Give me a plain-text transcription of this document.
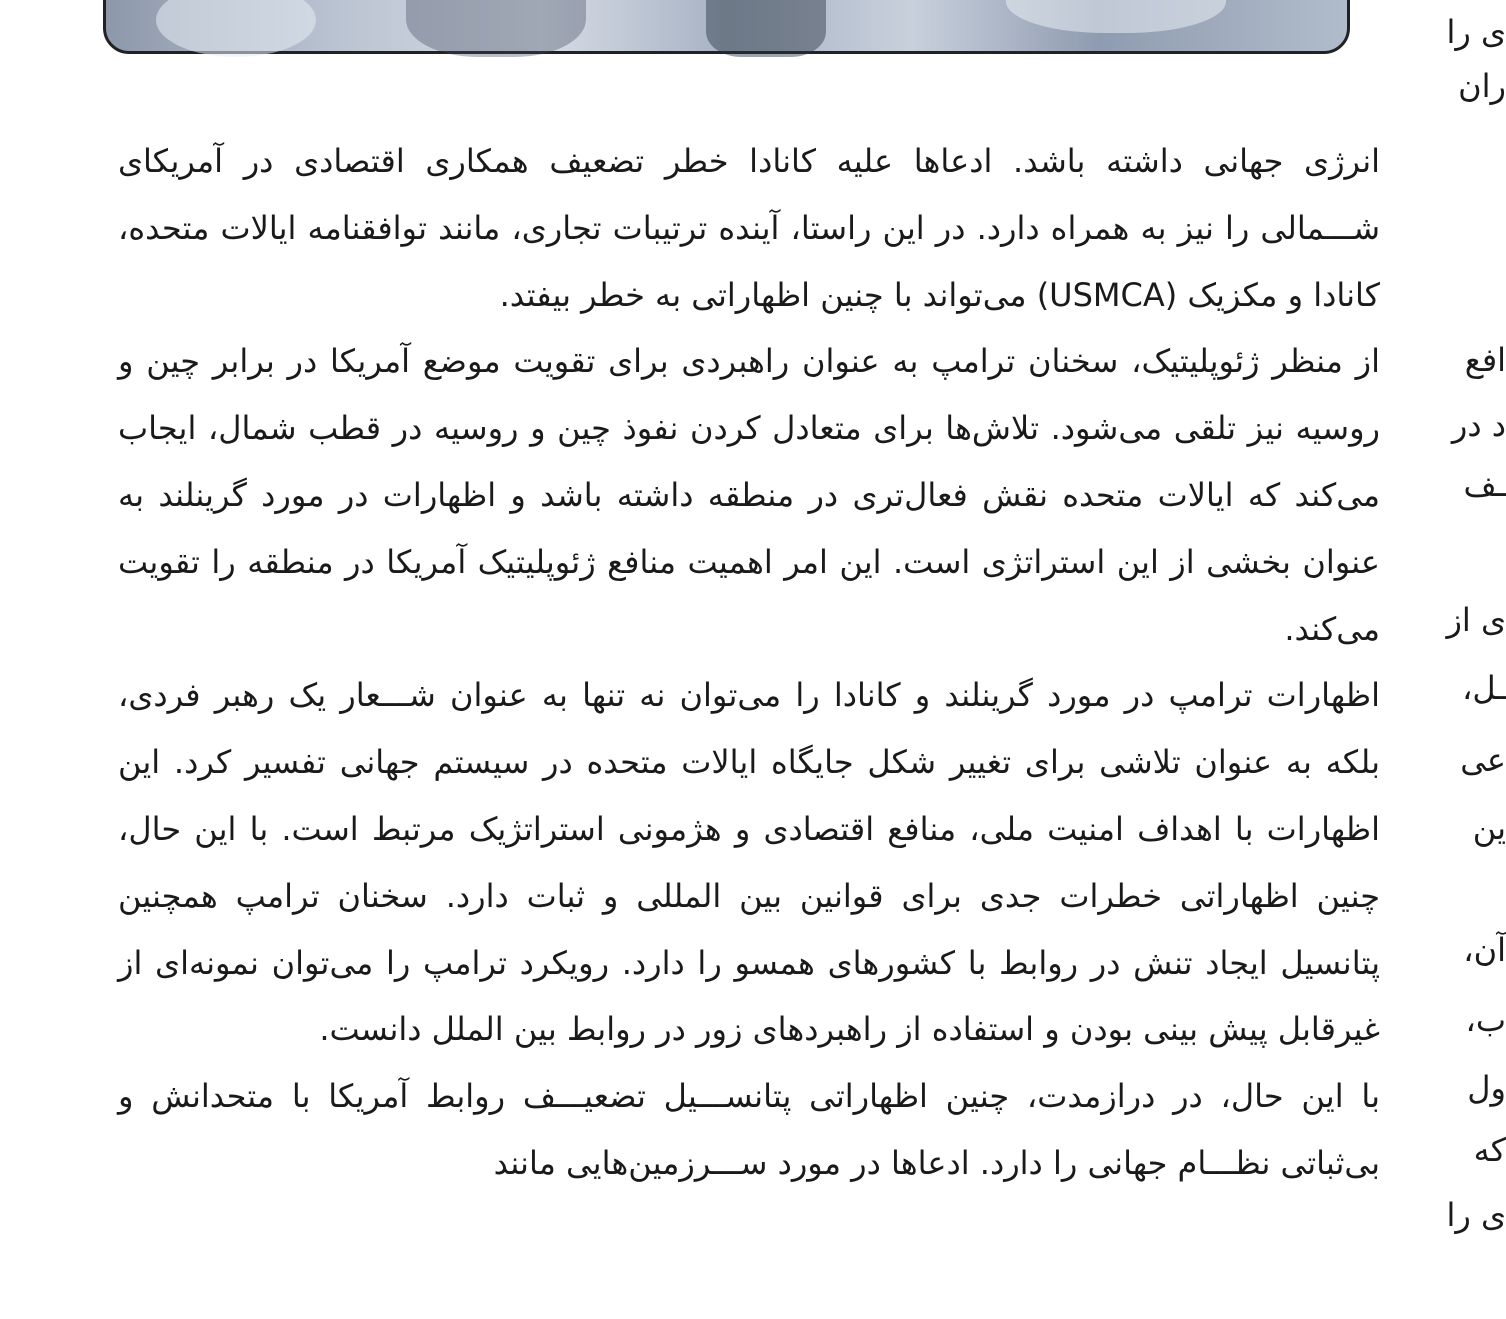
انرژی جهانی داشته باشد. ادعاها علیه کانادا خطر تضعیف همکاری اقتصادی در آمریکای شـــمالی را نیز به همراه دارد. در این راستا، آینده ترتیبات تجاری، مانند توافقنامه ایالات متحده، کانادا و مکزیک (USMCA) می‌تواند با چنین اظهاراتی به خطر بیفتد.

از منظر ژئوپلیتیک، سخنان ترامپ به عنوان راهبردی برای تقویت موضع آمریکا در برابر چین و روسیه نیز تلقی می‌شود. تلاش‌ها برای متعادل کردن نفوذ چین و روسیه در قطب شمال، ایجاب می‌کند که ایالات متحده نقش فعال‌تری در منطقه داشته باشد و اظهارات در مورد گرینلند به عنوان بخشی از این استراتژی است. این امر اهمیت منافع ژئوپلیتیک آمریکا در منطقه را تقویت می‌کند.

اظهارات ترامپ در مورد گرینلند و کانادا را می‌توان نه تنها به عنوان شـــعار یک رهبر فردی، بلکه به عنوان تلاشی برای تغییر شکل جایگاه ایالات متحده در سیستم جهانی تفسیر کرد. این اظهارات با اهداف امنیت ملی، منافع اقتصادی و هژمونی استراتژیک مرتبط است. با این حال، چنین اظهاراتی خطرات جدی برای قوانین بین المللی و ثبات دارد. سخنان ترامپ همچنین پتانسیل ایجاد تنش در روابط با کشورهای همسو را دارد. رویکرد ترامپ را می‌توان نمونه‌ای از غیرقابل پیش بینی بودن و استفاده از راهبردهای زور در روابط بین الملل دانست.

با این حال، در درازمدت، چنین اظهاراتی پتانســـیل تضعیـــف روابط آمریکا با متحدانش و بی‌ثباتی نظـــام جهانی را دارد. ادعاها در مورد ســـرزمین‌هایی مانند

ی را
ران
افع
د در
ـف
ی از
ـل،
عی
ین
آن،
ب،
ول
که
ی را
